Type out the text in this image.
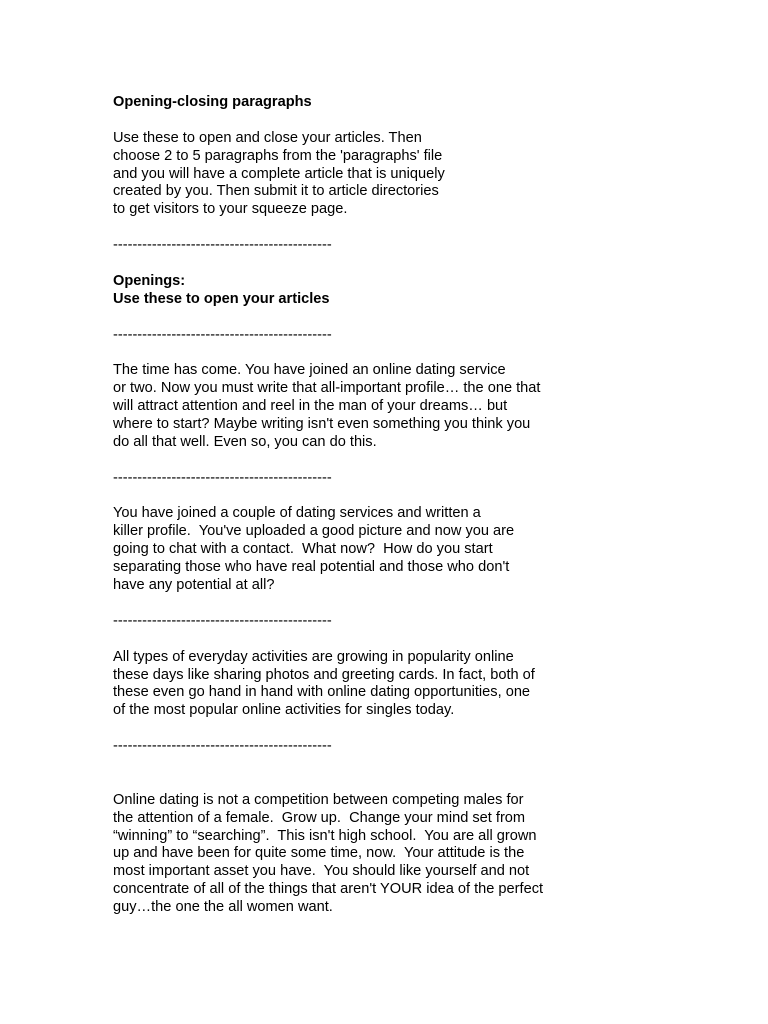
Opening-closing paragraphs
Use these to open and close your articles. Then
choose 2 to 5 paragraphs from the 'paragraphs' file
and you will have a complete article that is uniquely
created by you. Then submit it to article directories
to get visitors to your squeeze page.
---------------------------------------------
Openings:
Use these to open your articles
---------------------------------------------
The time has come. You have joined an online dating service
or two. Now you must write that all-important profile… the one that
will attract attention and reel in the man of your dreams… but
where to start? Maybe writing isn't even something you think you
do all that well. Even so, you can do this.
---------------------------------------------
You have joined a couple of dating services and written a
killer profile.  You've uploaded a good picture and now you are
going to chat with a contact.  What now?  How do you start
separating those who have real potential and those who don't
have any potential at all?
---------------------------------------------
All types of everyday activities are growing in popularity online
these days like sharing photos and greeting cards. In fact, both of
these even go hand in hand with online dating opportunities, one
of the most popular online activities for singles today.
---------------------------------------------
Online dating is not a competition between competing males for
the attention of a female.  Grow up.  Change your mind set from
“winning” to “searching”.  This isn't high school.  You are all grown
up and have been for quite some time, now.  Your attitude is the
most important asset you have.  You should like yourself and not
concentrate of all of the things that aren't YOUR idea of the perfect
guy…the one the all women want.
